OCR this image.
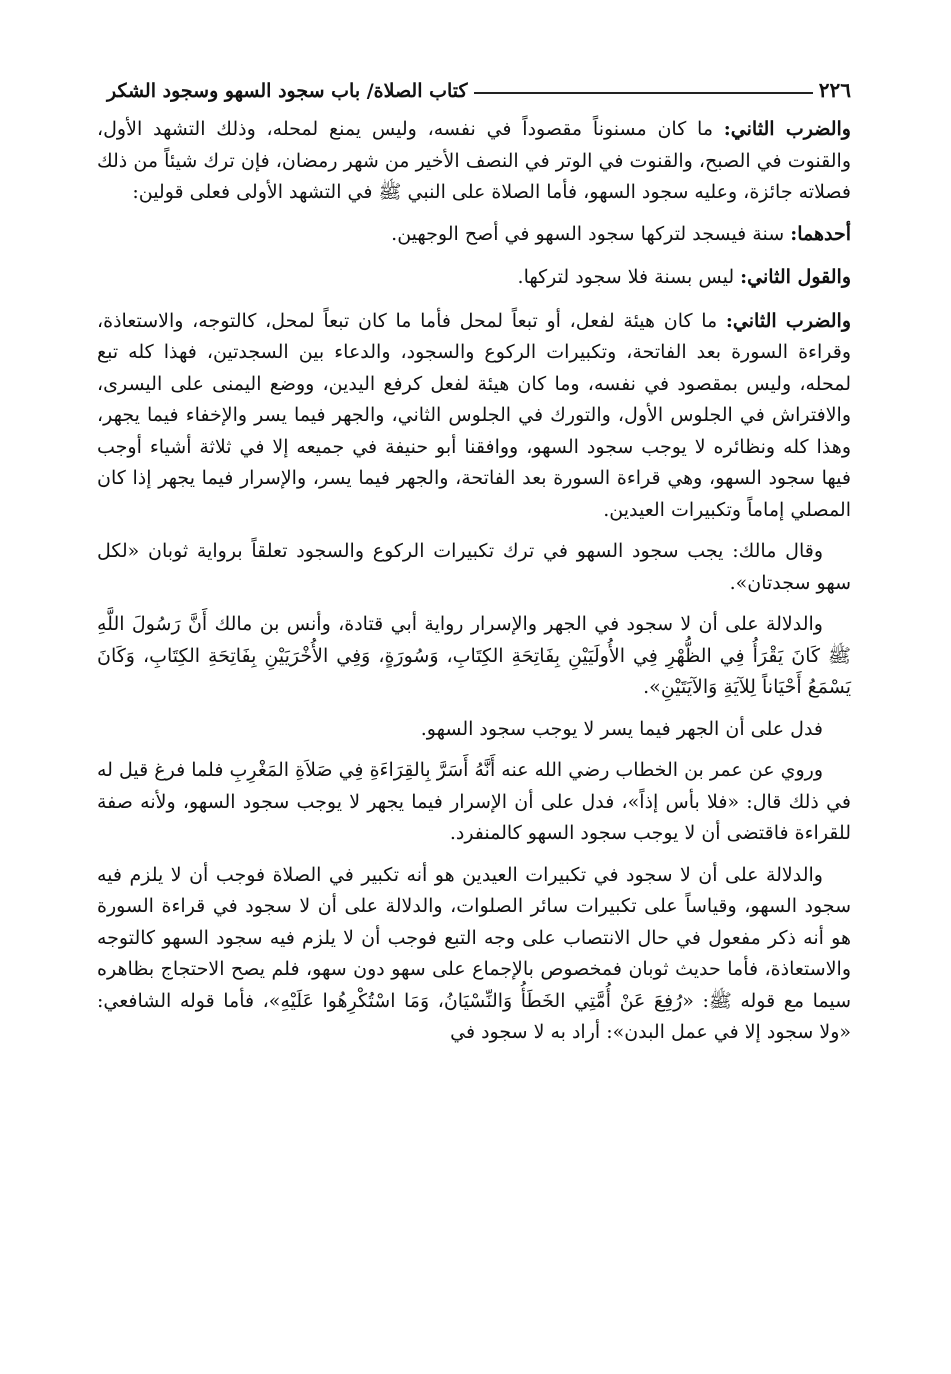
٢٢٦
كتاب الصلاة/ باب سجود السهو وسجود الشكر

والضرب الثاني: ما كان مسنوناً مقصوداً في نفسه، وليس يمنع لمحله، وذلك التشهد الأول، والقنوت في الصبح، والقنوت في الوتر في النصف الأخير من شهر رمضان، فإن ترك شيئاً من ذلك فصلاته جائزة، وعليه سجود السهو، فأما الصلاة على النبي ﷺ في التشهد الأولى فعلى قولين:

أحدهما: سنة فيسجد لتركها سجود السهو في أصح الوجهين.

والقول الثاني: ليس بسنة فلا سجود لتركها.

والضرب الثاني: ما كان هيئة لفعل، أو تبعاً لمحل فأما ما كان تبعاً لمحل، كالتوجه، والاستعاذة، وقراءة السورة بعد الفاتحة، وتكبيرات الركوع والسجود، والدعاء بين السجدتين، فهذا كله تبع لمحله، وليس بمقصود في نفسه، وما كان هيئة لفعل كرفع اليدين، ووضع اليمنى على اليسرى، والافتراش في الجلوس الأول، والتورك في الجلوس الثاني، والجهر فيما يسر والإخفاء فيما يجهر، وهذا كله ونظائره لا يوجب سجود السهو، ووافقنا أبو حنيفة في جميعه إلا في ثلاثة أشياء أوجب فيها سجود السهو، وهي قراءة السورة بعد الفاتحة، والجهر فيما يسر، والإسرار فيما يجهر إذا كان المصلي إماماً وتكبيرات العيدين.

وقال مالك: يجب سجود السهو في ترك تكبيرات الركوع والسجود تعلقاً برواية ثوبان «لكل سهو سجدتان».

والدلالة على أن لا سجود في الجهر والإسرار رواية أبي قتادة، وأنس بن مالك أَنَّ رَسُولَ اللَّهِ ﷺ كَانَ يَقْرَأُ فِي الظُّهْرِ فِي الأُولَيَيْنِ بِفَاتِحَةِ الكِتَابِ، وَسُورَةٍ، وَفِي الأُخْرَيَيْنِ بِفَاتِحَةِ الكِتَابِ، وَكَانَ يَسْمَعُ أَحْيَاناً لِلآيَةِ وَالآيَتَيْنِ».

فدل على أن الجهر فيما يسر لا يوجب سجود السهو.

وروي عن عمر بن الخطاب رضي الله عنه أَنَّهُ أَسَرَّ بِالقِرَاءَةِ فِي صَلاَةِ المَغْرِبِ فلما فرغ قيل له في ذلك قال: «فلا بأس إذاً»، فدل على أن الإسرار فيما يجهر لا يوجب سجود السهو، ولأنه صفة للقراءة فاقتضى أن لا يوجب سجود السهو كالمنفرد.

والدلالة على أن لا سجود في تكبيرات العيدين هو أنه تكبير في الصلاة فوجب أن لا يلزم فيه سجود السهو، وقياساً على تكبيرات سائر الصلوات، والدلالة على أن لا سجود في قراءة السورة هو أنه ذكر مفعول في حال الانتصاب على وجه التبع فوجب أن لا يلزم فيه سجود السهو كالتوجه والاستعاذة، فأما حديث ثوبان فمخصوص بالإجماع على سهو دون سهو، فلم يصح الاحتجاج بظاهره سيما مع قوله ﷺ: «رُفِعَ عَنْ أُمَّتِي الخَطَأُ وَالنِّسْيَانُ، وَمَا اسْتُكْرِهُوا عَلَيْهِ»، فأما قوله الشافعي: «ولا سجود إلا في عمل البدن»: أراد به لا سجود في
